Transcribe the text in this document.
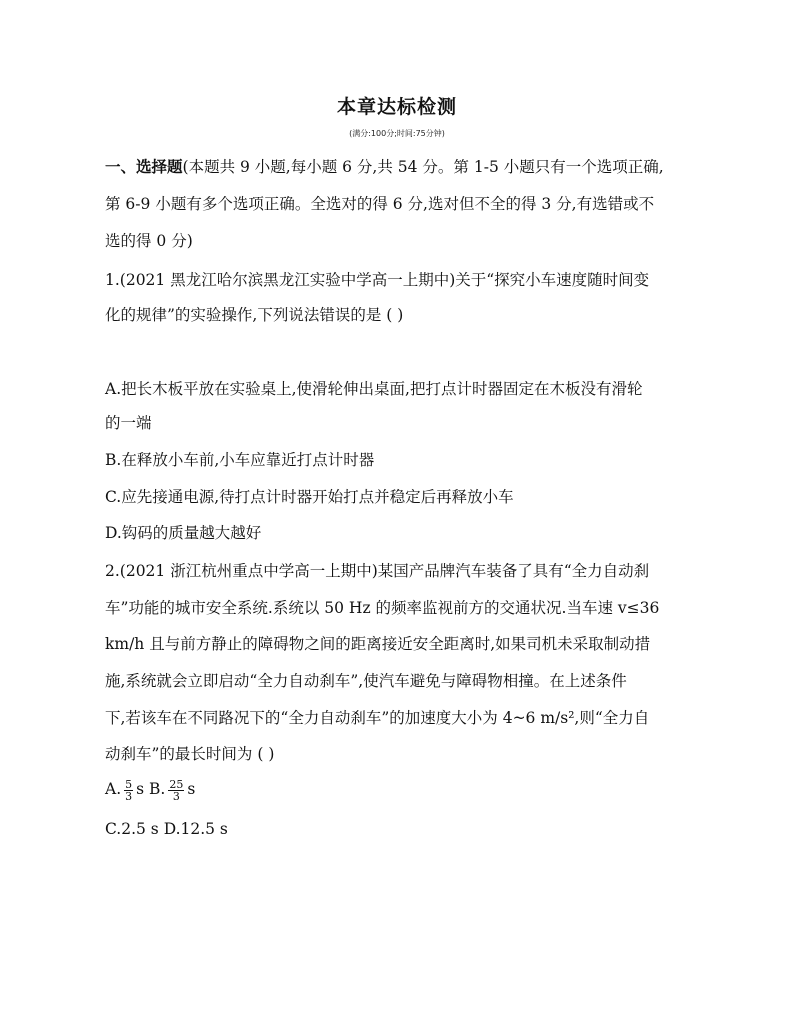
本章达标检测
(满分:100分;时间:75分钟)
一、选择题(本题共 9 小题,每小题 6 分,共 54 分。第 1-5 小题只有一个选项正确,
第 6-9 小题有多个选项正确。全选对的得 6 分,选对但不全的得 3 分,有选错或不
选的得 0 分)
1.(2021 黑龙江哈尔滨黑龙江实验中学高一上期中)关于“探究小车速度随时间变
化的规律”的实验操作,下列说法错误的是 ( )
A.把长木板平放在实验桌上,使滑轮伸出桌面,把打点计时器固定在木板没有滑轮
的一端
B.在释放小车前,小车应靠近打点计时器
C.应先接通电源,待打点计时器开始打点并稳定后再释放小车
D.钩码的质量越大越好
2.(2021 浙江杭州重点中学高一上期中)某国产品牌汽车装备了具有“全力自动刹
车”功能的城市安全系统.系统以 50 Hz 的频率监视前方的交通状况.当车速 v≤36
km/h 且与前方静止的障碍物之间的距离接近安全距离时,如果司机未采取制动措
施,系统就会立即启动“全力自动刹车”,使汽车避免与障碍物相撞。在上述条件
下,若该车在不同路况下的“全力自动刹车”的加速度大小为 4~6 m/s²,则“全力自
动刹车”的最长时间为 ( )
A. $\frac{5}{3}$ s B. $\frac{25}{3}$ s
C.2.5 s D.12.5 s
